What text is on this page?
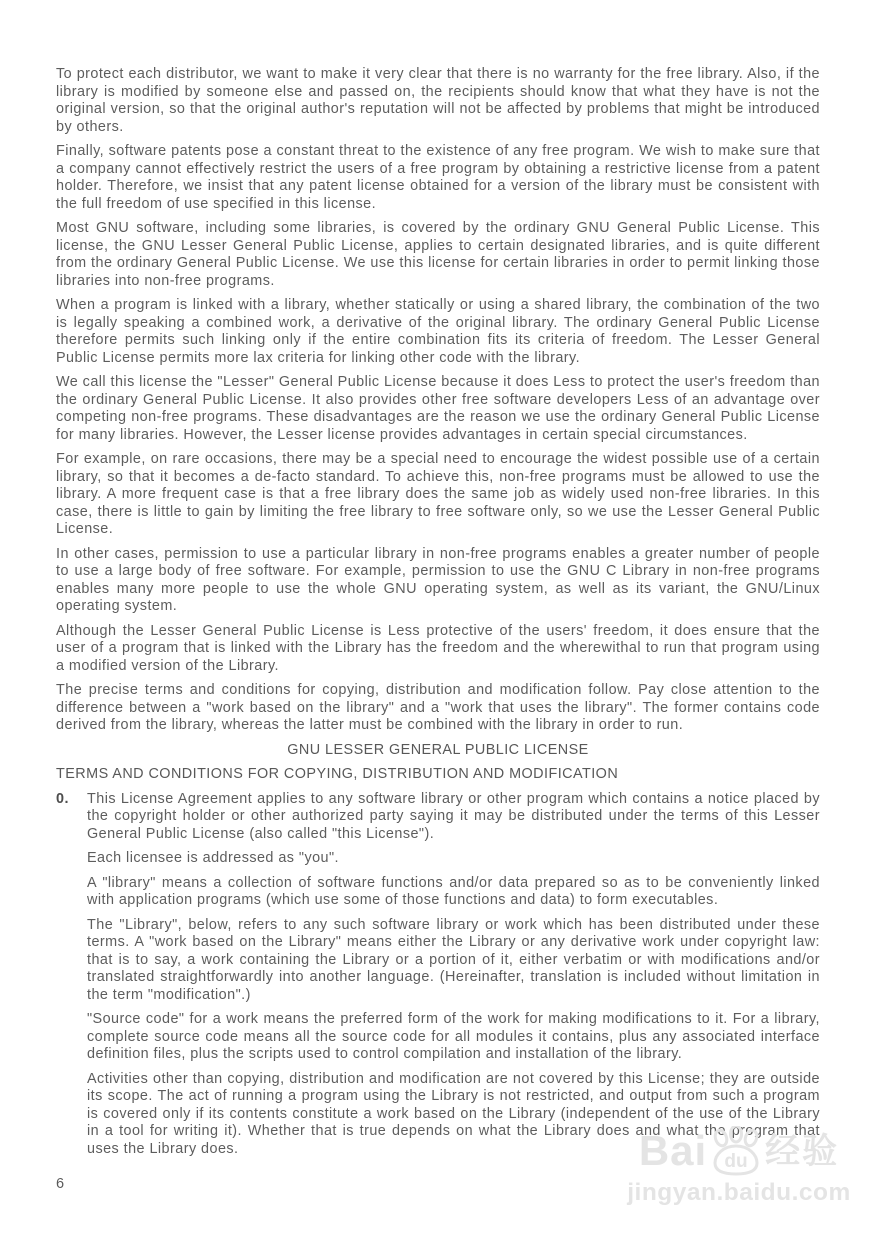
To protect each distributor, we want to make it very clear that there is no warranty for the free library. Also, if the library is modified by someone else and passed on, the recipients should know that what they have is not the original version, so that the original author's reputation will not be affected by problems that might be introduced by others.

Finally, software patents pose a constant threat to the existence of any free program. We wish to make sure that a company cannot effectively restrict the users of a free program by obtaining a restrictive license from a patent holder. Therefore, we insist that any patent license obtained for a version of the library must be consistent with the full freedom of use specified in this license.

Most GNU software, including some libraries, is covered by the ordinary GNU General Public License. This license, the GNU Lesser General Public License, applies to certain designated libraries, and is quite different from the ordinary General Public License. We use this license for certain libraries in order to permit linking those libraries into non-free programs.

When a program is linked with a library, whether statically or using a shared library, the combination of the two is legally speaking a combined work, a derivative of the original library. The ordinary General Public License therefore permits such linking only if the entire combination fits its criteria of freedom. The Lesser General Public License permits more lax criteria for linking other code with the library.

We call this license the "Lesser" General Public License because it does Less to protect the user's freedom than the ordinary General Public License. It also provides other free software developers Less of an advantage over competing non-free programs. These disadvantages are the reason we use the ordinary General Public License for many libraries. However, the Lesser license provides advantages in certain special circumstances.

For example, on rare occasions, there may be a special need to encourage the widest possible use of a certain library, so that it becomes a de-facto standard. To achieve this, non-free programs must be allowed to use the library. A more frequent case is that a free library does the same job as widely used non-free libraries. In this case, there is little to gain by limiting the free library to free software only, so we use the Lesser General Public License.

In other cases, permission to use a particular library in non-free programs enables a greater number of people to use a large body of free software. For example, permission to use the GNU C Library in non-free programs enables many more people to use the whole GNU operating system, as well as its variant, the GNU/Linux operating system.

Although the Lesser General Public License is Less protective of the users' freedom, it does ensure that the user of a program that is linked with the Library has the freedom and the wherewithal to run that program using a modified version of the Library.

The precise terms and conditions for copying, distribution and modification follow. Pay close attention to the difference between a "work based on the library" and a "work that uses the library". The former contains code derived from the library, whereas the latter must be combined with the library in order to run.

GNU LESSER GENERAL PUBLIC LICENSE

TERMS AND CONDITIONS FOR COPYING, DISTRIBUTION AND MODIFICATION

0.	This License Agreement applies to any software library or other program which contains a notice placed by the copyright holder or other authorized party saying it may be distributed under the terms of this Lesser General Public License (also called "this License").

Each licensee is addressed as "you".

A "library" means a collection of software functions and/or data prepared so as to be conveniently linked with application programs (which use some of those functions and data) to form executables.

The "Library", below, refers to any such software library or work which has been distributed under these terms. A "work based on the Library" means either the Library or any derivative work under copyright law: that is to say, a work containing the Library or a portion of it, either verbatim or with modifications and/or translated straightforwardly into another language. (Hereinafter, translation is included without limitation in the term "modification".)

"Source code" for a work means the preferred form of the work for making modifications to it. For a library, complete source code means all the source code for all modules it contains, plus any associated interface definition files, plus the scripts used to control compilation and installation of the library.

Activities other than copying, distribution and modification are not covered by this License; they are outside its scope. The act of running a program using the Library is not restricted, and output from such a program is covered only if its contents constitute a work based on the Library (independent of the use of the Library in a tool for writing it). Whether that is true depends on what the Library does and what the program that uses the Library does.

6
Bai du 经验
jingyan.baidu.com
